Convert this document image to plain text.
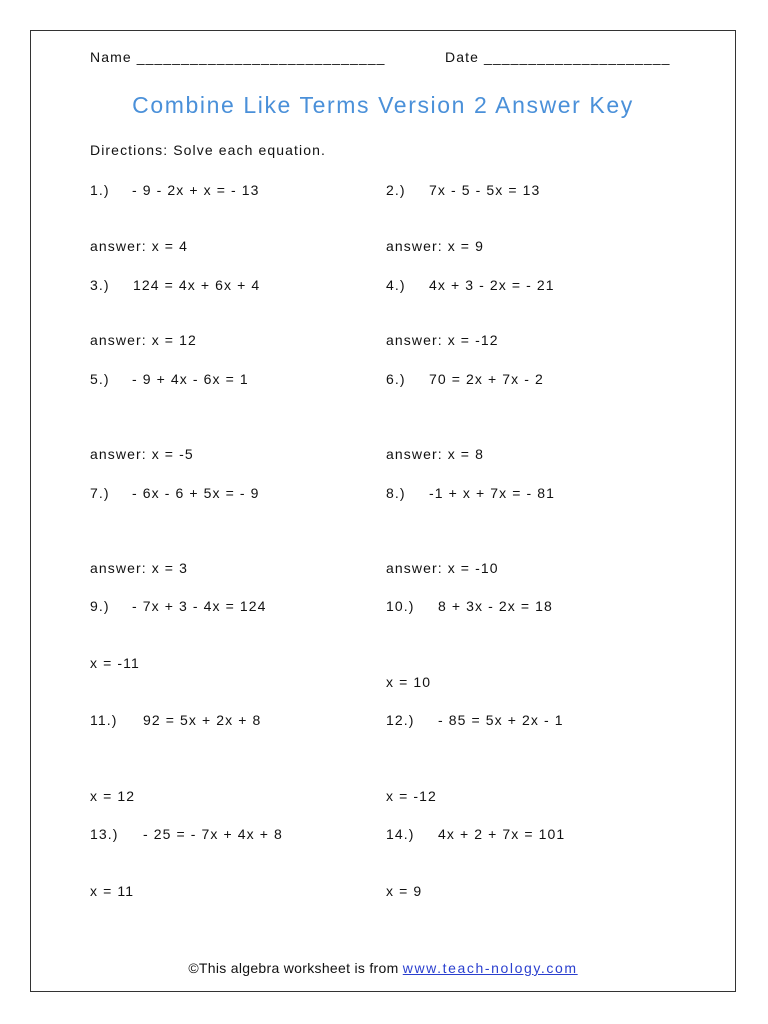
Name ____________________________	Date _____________________
Combine Like Terms Version 2 Answer Key
Directions: Solve each equation.
1.) - 9 - 2x + x = - 13
answer: x = 4
2.) 7x - 5 - 5x = 13
answer: x = 9
3.) 124 = 4x + 6x + 4
answer: x = 12
4.) 4x + 3 - 2x = - 21
answer: x = -12
5.) - 9 + 4x - 6x = 1
answer: x = -5
6.) 70 = 2x + 7x - 2
answer: x = 8
7.) - 6x - 6 + 5x = - 9
answer: x = 3
8.) -1 + x + 7x = - 81
answer: x = -10
9.) - 7x + 3 - 4x = 124
x = -11
10.) 8 + 3x - 2x = 18
x = 10
11.) 92 = 5x + 2x + 8
x = 12
12.) - 85 = 5x + 2x - 1
x = -12
13.) - 25 = - 7x + 4x + 8
x = 11
14.) 4x + 2 + 7x = 101
x = 9
©This algebra worksheet is from www.teach-nology.com
